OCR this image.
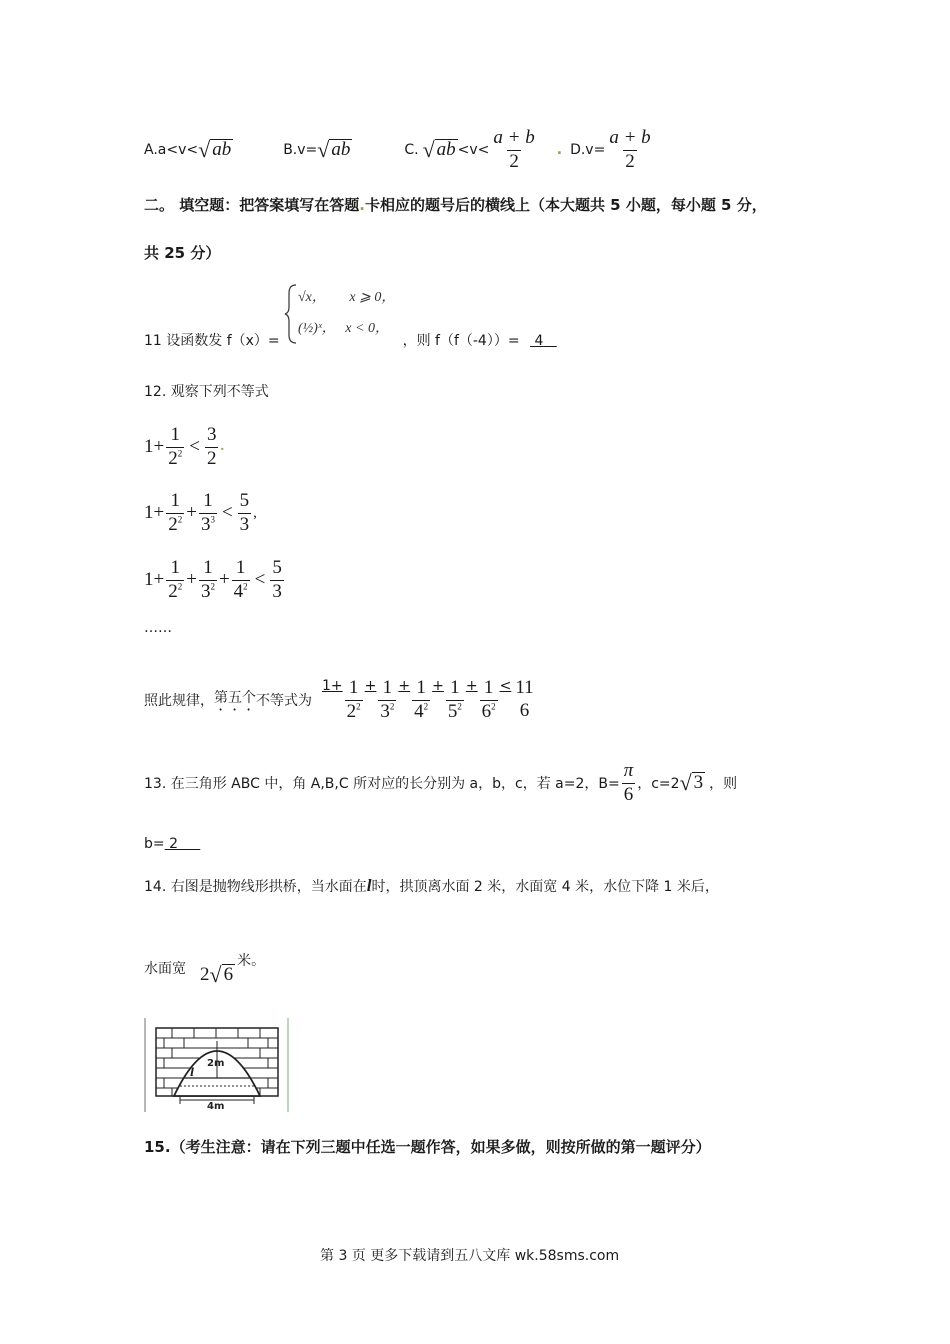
A.a<v< √ ab	B.v= √ ab	C. √ ab $<v< \frac{a + b}{2}$ . $D.v= \frac{a + b}{2}$
二。 填空题：把答案填写在答题.卡相应的题号后的横线上（本大题共 5 小题，每小题 5 分，
共 25 分）
√x， x ⩾ 0，
(½)ˣ， x < 0，
11 设函数发 f（x）=	，则 f（f（-4））= 4
12. 观察下列不等式
$1+ \frac{1}{2^2} < \frac{3}{2}$ .
$1+ \frac{1}{2^2} + \frac{1}{3^3} < \frac{5}{3}$ ,
$1+ \frac{1}{2^2} + \frac{1}{3^2} + \frac{1}{4^2} < \frac{5}{3}$
……
照此规律， 第五个 不等式为
$1+ \frac{1}{2^2} + \frac{1}{3^2} + \frac{1}{4^2} + \frac{1}{5^2} + \frac{1}{6^2} < 11$
6
13. 在三角形 ABC 中，角 A,B,C 所对应的长分别为 a，b，c，若 a=2，$B= \frac{\pi}{6}$ ，c=2 √ 3 ，则
b= 2
14. 右图是抛物线形拱桥，当水面在l时，拱顶离水面 2 米，水面宽 4 米，水位下降 1 米后，
水面宽 2 √ 6
米。
2m
l
4m
15.（考生注意：请在下列三题中任选一题作答，如果多做，则按所做的第一题评分）
第 3 页 更多下载请到五八文库 wk.58sms.com
